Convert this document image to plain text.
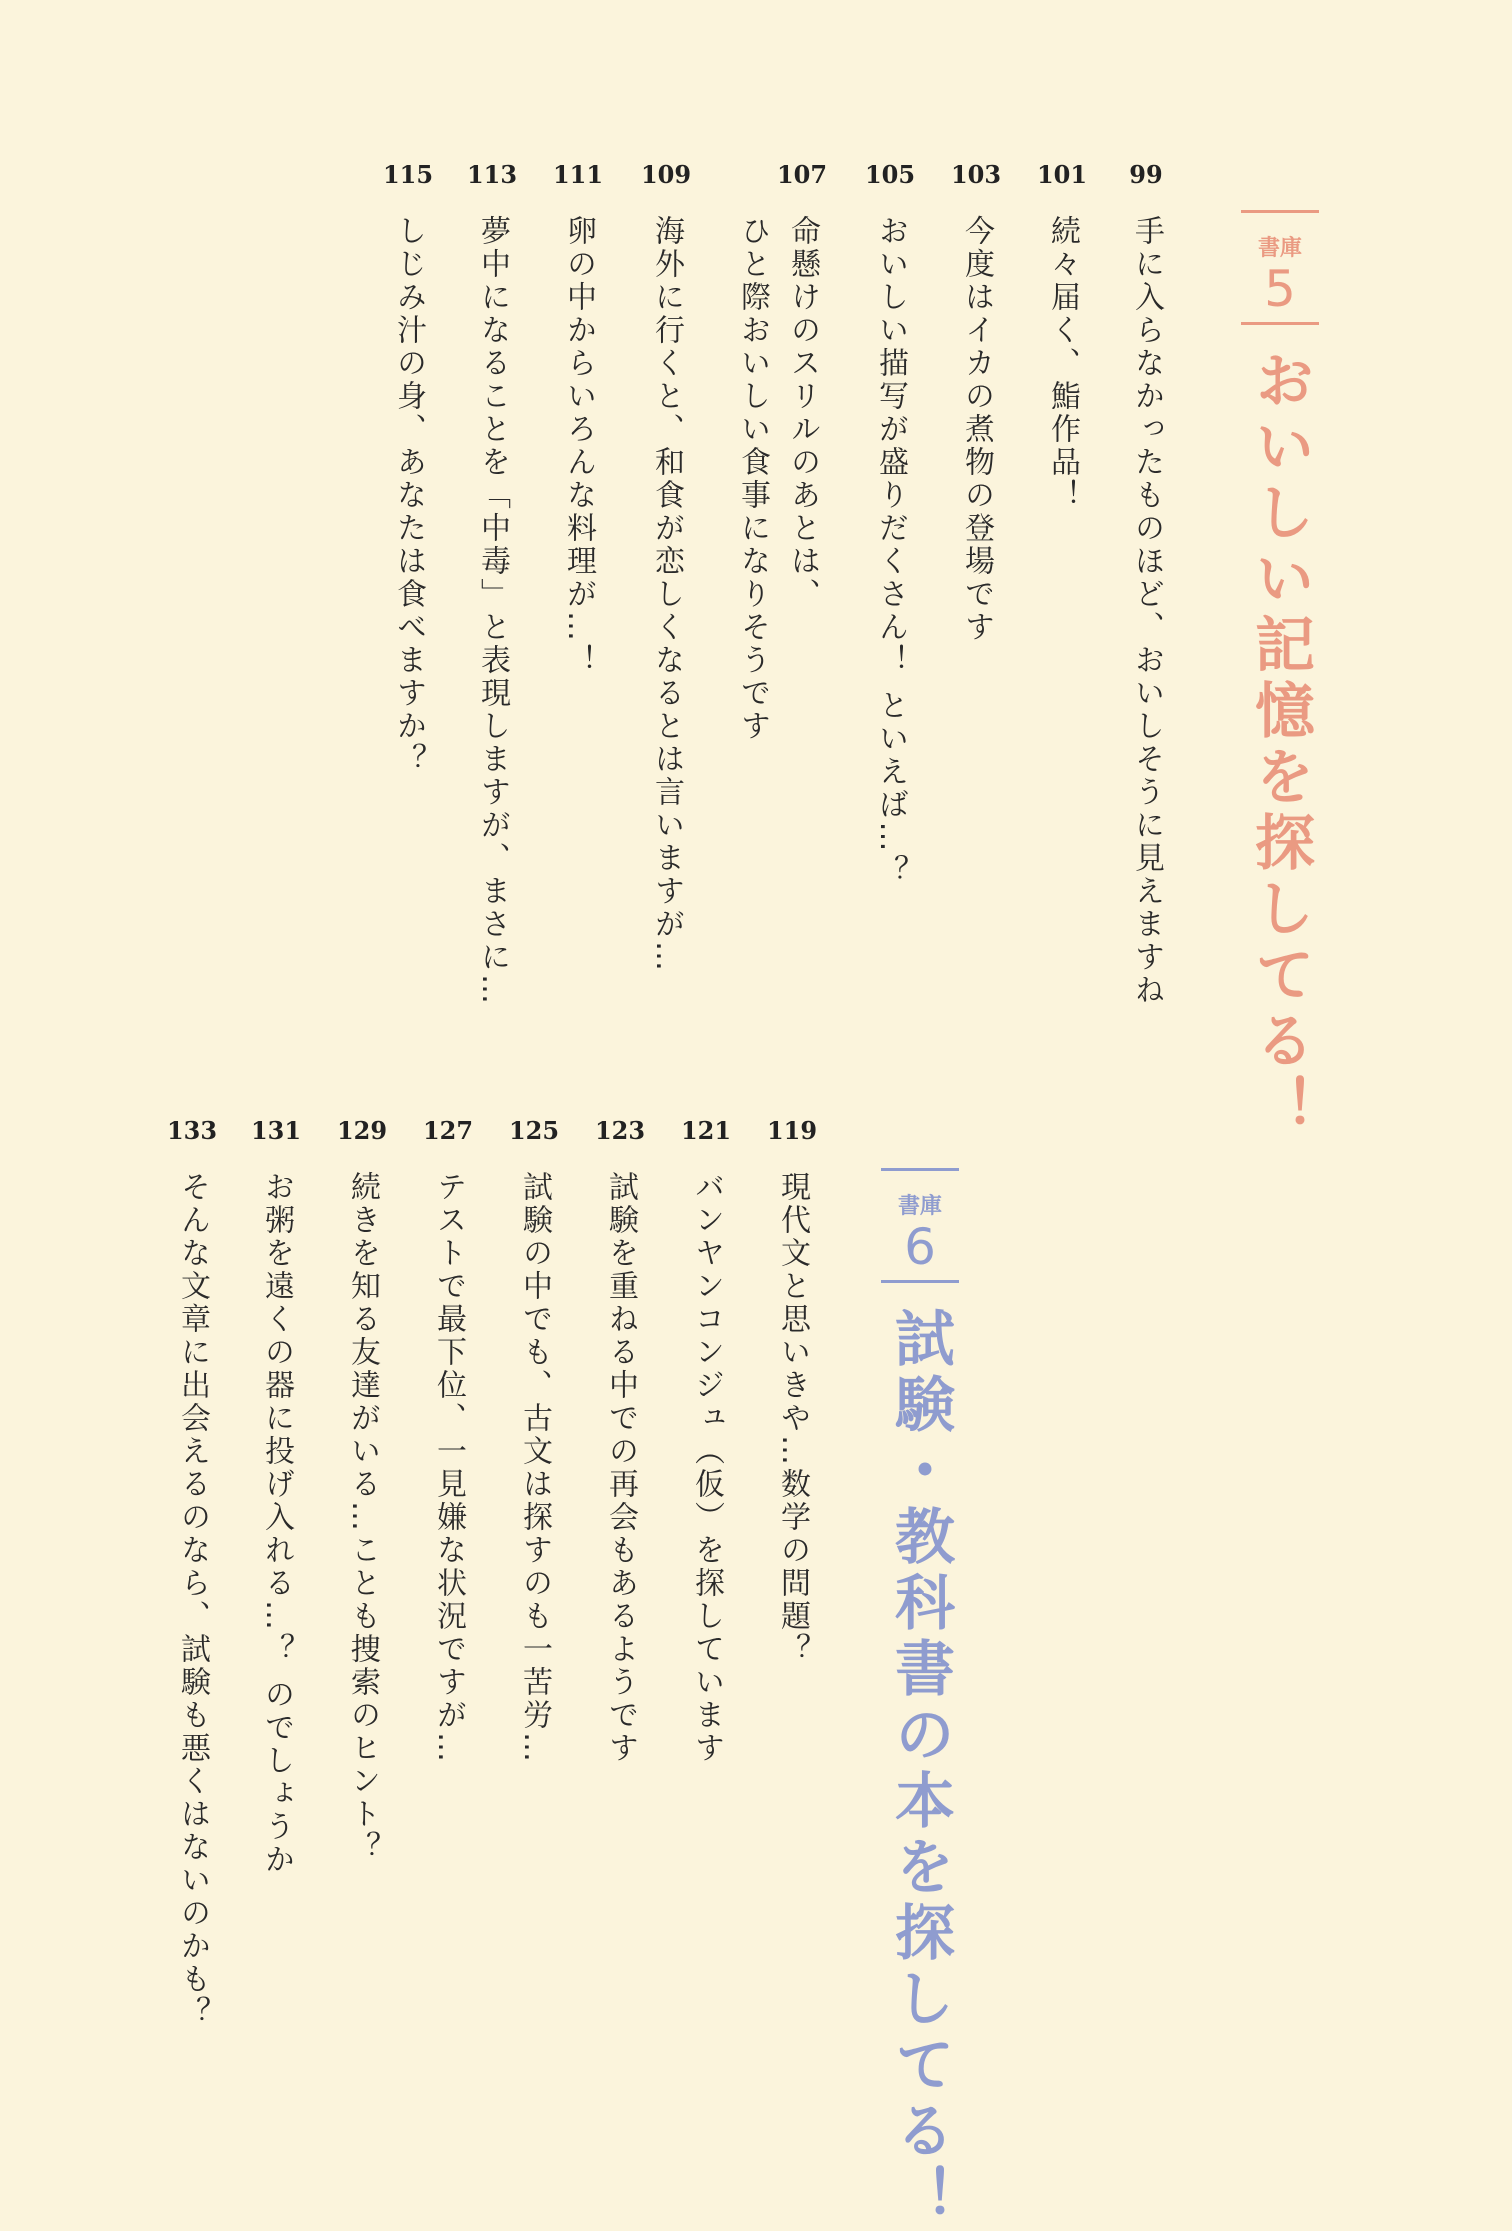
書庫
5
おいしい記憶を探してる！
99
手に入らなかったものほど、おいしそうに見えますね
101
続々届く、鮨作品！
103
今度はイカの煮物の登場です
105
おいしい描写が盛りだくさん！ といえば…？
107
命懸けのスリルのあとは、
ひと際おいしい食事になりそうです
109
海外に行くと、和食が恋しくなるとは言いますが…
111
卵の中からいろんな料理が…！
113
夢中になることを「中毒」と表現しますが、まさに…
115
しじみ汁の身、あなたは食べますか？
書庫
6
試験・教科書の本を探してる！
119
現代文と思いきや…数学の問題？
121
バンヤンコンジュ（仮）を探しています
123
試験を重ねる中での再会もあるようです
125
試験の中でも、古文は探すのも一苦労…
127
テストで最下位、一見嫌な状況ですが…
129
続きを知る友達がいる…ことも捜索のヒント？
131
お粥を遠くの器に投げ入れる…？ のでしょうか
133
そんな文章に出会えるのなら、試験も悪くはないのかも？
